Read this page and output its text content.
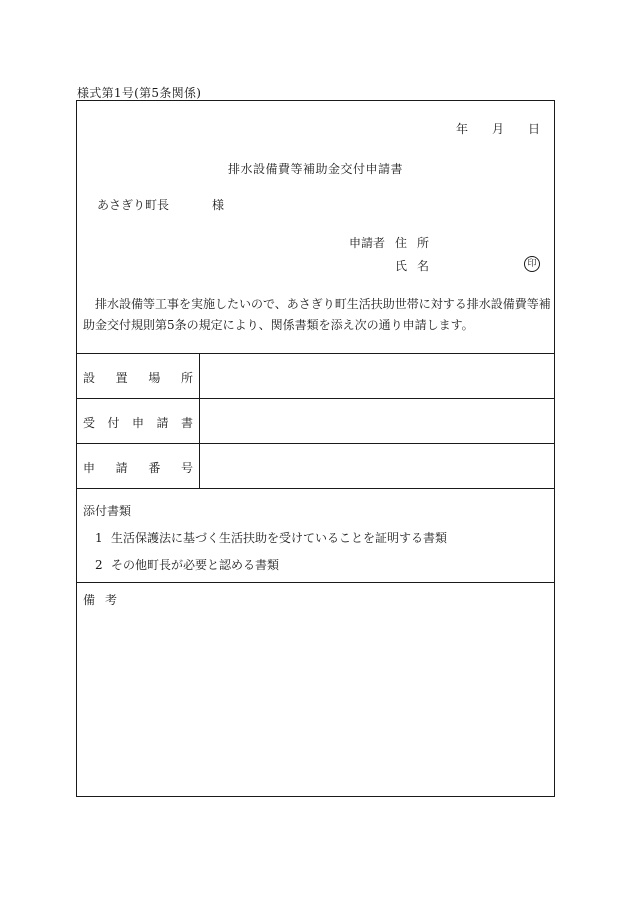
様式第1号(第5条関係)
年 月 日
排水設備費等補助金交付申請書
あさぎり町長	様
申請者 住所
氏名	印
排水設備等工事を実施したいので、あさぎり町生活扶助世帯に対する排水設備費等補助金交付規則第5条の規定により、関係書類を添え次の通り申請します。
設 置 場 所
受 付 申 請 書
申 請 番 号
添付書類
1 生活保護法に基づく生活扶助を受けていることを証明する書類
2 その他町長が必要と認める書類
備考
